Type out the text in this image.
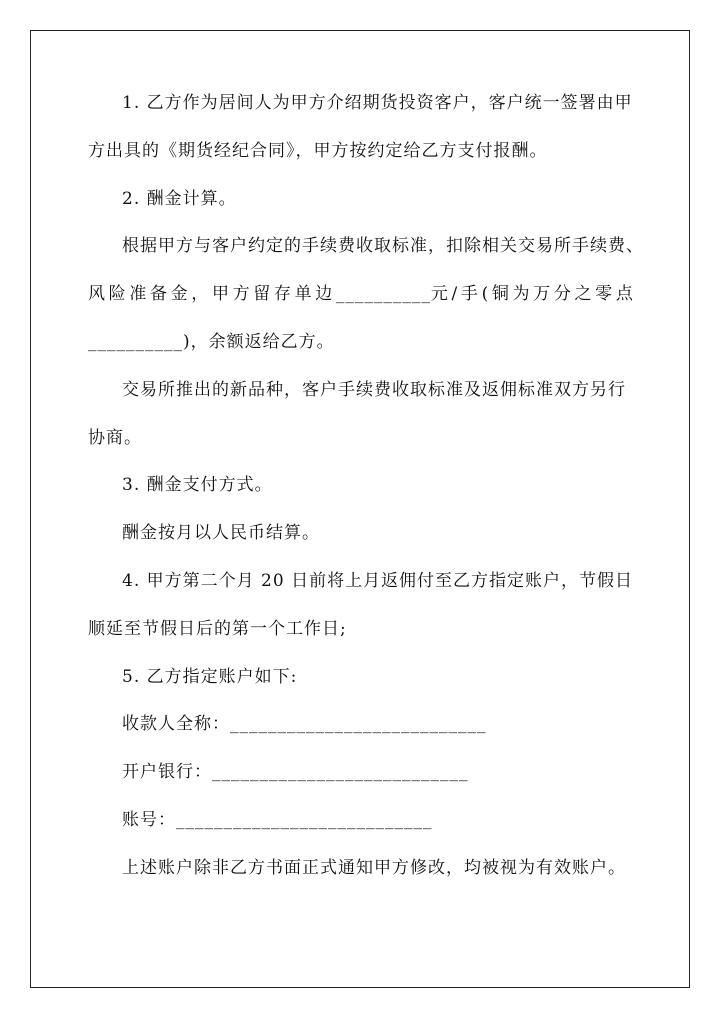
1. 乙方作为居间人为甲方介绍期货投资客户，客户统一签署由甲
方出具的《期货经纪合同》，甲方按约定给乙方支付报酬。
2. 酬金计算。
根据甲方与客户约定的手续费收取标准，扣除相关交易所手续费、
风 险 准 备 金 ， 甲 方 留 存 单 边 __________元 / 手 ( 铜 为 万 分 之 零 点
__________)，余额返给乙方。
交易所推出的新品种，客户手续费收取标准及返佣标准双方另行
协商。
3. 酬金支付方式。
酬金按月以人民币结算。
4. 甲方第二个月 20 日前将上月返佣付至乙方指定账户，节假日
顺延至节假日后的第一个工作日;
5. 乙方指定账户如下:
收款人全称：___________________________
开户银行：___________________________
账号：___________________________
上述账户除非乙方书面正式通知甲方修改，均被视为有效账户。
